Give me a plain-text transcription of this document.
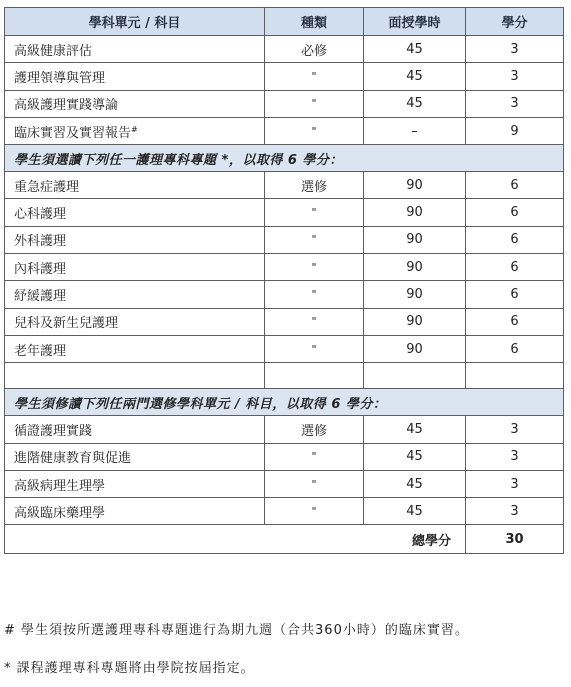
學科單元 / 科目	種類	面授學時	學分
高級健康評估	必修	45	3
護理領導與管理	"	45	3
高級護理實踐導論	"	45	3
臨床實習及實習報告#	"	–	9
學生須選讀下列任一護理專科專題 *，以取得 6 學分：			
重急症護理	選修	90	6
心科護理	"	90	6
外科護理	"	90	6
內科護理	"	90	6
紓緩護理	"	90	6
兒科及新生兒護理	"	90	6
老年護理	"	90	6

學生須修讀下列任兩門選修學科單元 / 科目，以取得 6 學分：			
循證護理實踐	選修	45	3
進階健康教育與促進	"	45	3
高級病理生理學	"	45	3
高級臨床藥理學	"	45	3
總學分			30
# 學生須按所選護理專科專題進行為期九週（合共360小時）的臨床實習。
* 課程護理專科專題將由學院按屆指定。
